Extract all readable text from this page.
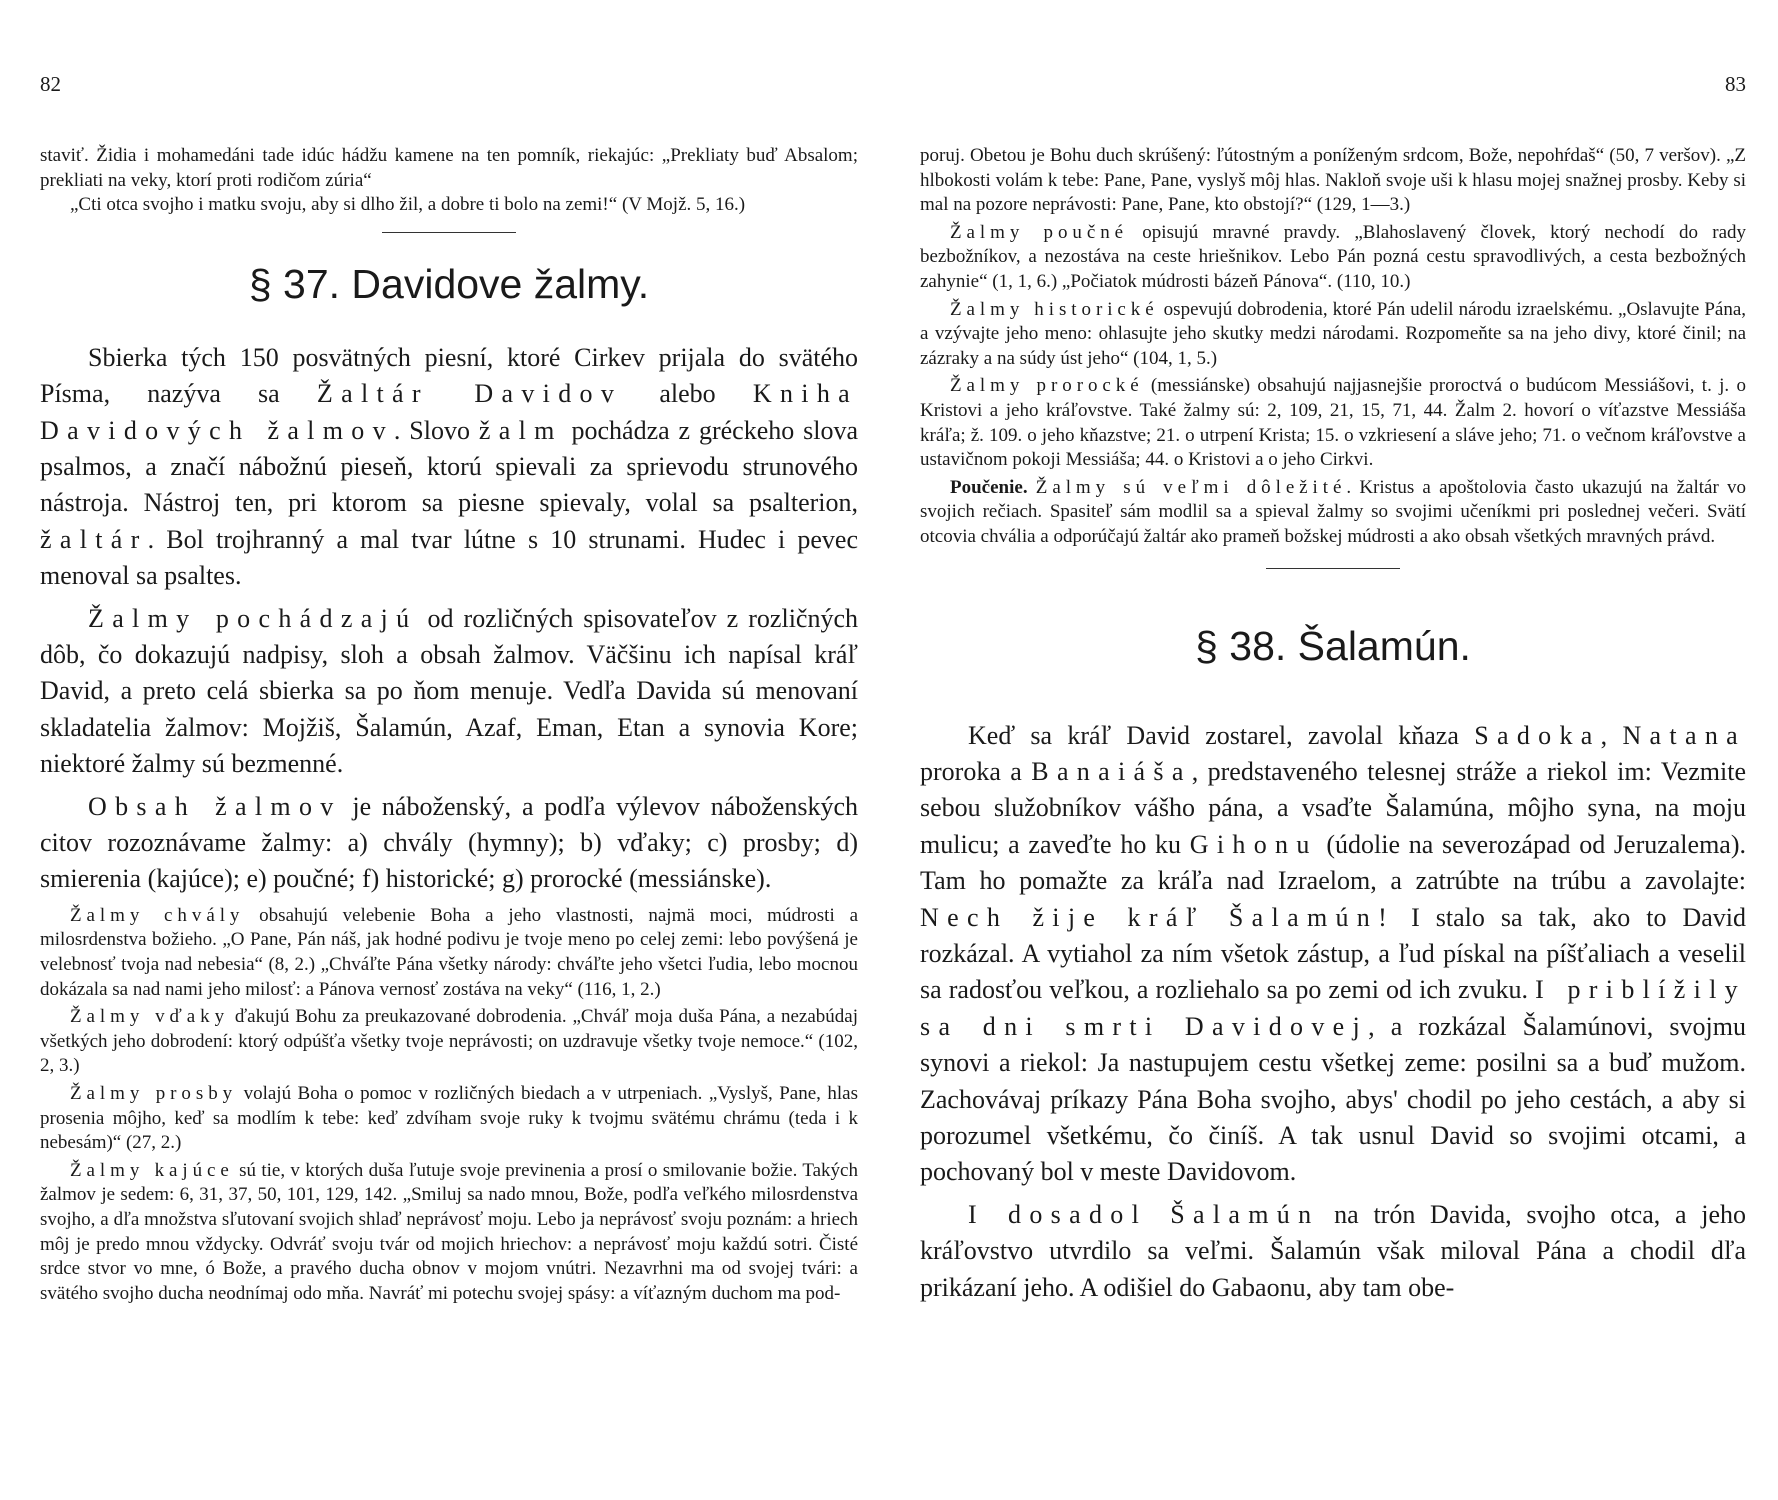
82

staviť. Židia i mohamedáni tade idúc hádžu kamene na ten pomník, riekajúc: „Prekliaty buď Absalom; prekliati na veky, ktorí proti rodičom zúria“

„Cti otca svojho i matku svoju, aby si dlho žil, a dobre ti bolo na zemi!“ (V Mojž. 5, 16.)

§ 37. Davidove žalmy.

Sbierka tých 150 posvätných piesní, ktoré Cirkev prijala do svätého Písma, nazýva sa Žaltár Davidov alebo Kniha Davidových žalmov. Slovo žalm pochádza z gréckeho slova psalmos, a značí nábožnú pieseň, ktorú spievali za sprievodu strunového nástroja. Nástroj ten, pri ktorom sa piesne spievaly, volal sa psalterion, žaltár. Bol trojhranný a mal tvar lútne s 10 strunami. Hudec i pevec menoval sa psaltes.

Žalmy pochádzajú od rozličných spisovateľov z rozličných dôb, čo dokazujú nadpisy, sloh a obsah žalmov. Väčšinu ich napísal kráľ David, a preto celá sbierka sa po ňom menuje. Vedľa Davida sú menovaní skladatelia žalmov: Mojžiš, Šalamún, Azaf, Eman, Etan a synovia Kore; niektoré žalmy sú bezmenné.

Obsah žalmov je náboženský, a podľa výlevov náboženských citov rozoznávame žalmy: a) chvály (hymny); b) vďaky; c) prosby; d) smierenia (kajúce); e) poučné; f) historické; g) prorocké (messiánske).

Žalmy chvály obsahujú velebenie Boha a jeho vlastnosti, najmä moci, múdrosti a milosrdenstva božieho. „O Pane, Pán náš, jak hodné podivu je tvoje meno po celej zemi: lebo povýšená je velebnosť tvoja nad nebesia“ (8, 2.) „Chváľte Pána všetky národy: chváľte jeho všetci ľudia, lebo mocnou dokázala sa nad nami jeho milosť: a Pánova vernosť zostáva na veky“ (116, 1, 2.)

Žalmy vďaky ďakujú Bohu za preukazované dobrodenia. „Chváľ moja duša Pána, a nezabúdaj všetkých jeho dobrodení: ktorý odpúšťa všetky tvoje neprávosti; on uzdravuje všetky tvoje nemoce.“ (102, 2, 3.)

Žalmy prosby volajú Boha o pomoc v rozličných biedach a v utrpeniach. „Vyslyš, Pane, hlas prosenia môjho, keď sa modlím k tebe: keď zdvíham svoje ruky k tvojmu svätému chrámu (teda i k nebesám)“ (27, 2.)

Žalmy kajúce sú tie, v ktorých duša ľutuje svoje previnenia a prosí o smilovanie božie. Takých žalmov je sedem: 6, 31, 37, 50, 101, 129, 142. „Smiluj sa nado mnou, Bože, podľa veľkého milosrdenstva svojho, a dľa množstva sľutovaní svojich shlaď neprávosť moju. Lebo ja neprávosť svoju poznám: a hriech môj je predo mnou vždycky. Odvráť svoju tvár od mojich hriechov: a neprávosť moju každú sotri. Čisté srdce stvor vo mne, ó Bože, a pravého ducha obnov v mojom vnútri. Nezavrhni ma od svojej tvári: a svätého svojho ducha neodnímaj odo mňa. Navráť mi potechu svojej spásy: a víťazným duchom ma pod-

83

poruj. Obetou je Bohu duch skrúšený: ľútostným a poníženým srdcom, Bože, nepohŕdaš“ (50, 7 veršov). „Z hlbokosti volám k tebe: Pane, Pane, vyslyš môj hlas. Nakloň svoje uši k hlasu mojej snažnej prosby. Keby si mal na pozore neprávosti: Pane, Pane, kto obstojí?“ (129, 1—3.)

Žalmy poučné opisujú mravné pravdy. „Blahoslavený človek, ktorý nechodí do rady bezbožníkov, a nezostáva na ceste hriešnikov. Lebo Pán pozná cestu spravodlivých, a cesta bezbožných zahynie“ (1, 1, 6.) „Počiatok múdrosti bázeň Pánova“. (110, 10.)

Žalmy historické ospevujú dobrodenia, ktoré Pán udelil národu izraelskému. „Oslavujte Pána, a vzývajte jeho meno: ohlasujte jeho skutky medzi národami. Rozpomeňte sa na jeho divy, ktoré činil; na zázraky a na súdy úst jeho“ (104, 1, 5.)

Žalmy prorocké (messiánske) obsahujú najjasnejšie proroctvá o budúcom Messiášovi, t. j. o Kristovi a jeho kráľovstve. Také žalmy sú: 2, 109, 21, 15, 71, 44. Žalm 2. hovorí o víťazstve Messiáša kráľa; ž. 109. o jeho kňazstve; 21. o utrpení Krista; 15. o vzkriesení a sláve jeho; 71. o večnom kráľovstve a ustavičnom pokoji Messiáša; 44. o Kristovi a o jeho Cirkvi.

Poučenie. Žalmy sú veľmi dôležité. Kristus a apoštolovia často ukazujú na žaltár vo svojich rečiach. Spasiteľ sám modlil sa a spieval žalmy so svojimi učeníkmi pri poslednej večeri. Svätí otcovia chvália a odporúčajú žaltár ako prameň božskej múdrosti a ako obsah všetkých mravných právd.

§ 38. Šalamún.

Keď sa kráľ David zostarel, zavolal kňaza Sadoka, Natana proroka a Banaiáša, predstaveného telesnej stráže a riekol im: Vezmite sebou služobníkov vášho pána, a vsaďte Šalamúna, môjho syna, na moju mulicu; a zaveďte ho ku Gihonu (údolie na severozápad od Jeruzalema). Tam ho pomažte za kráľa nad Izraelom, a zatrúbte na trúbu a zavolajte: Nech žije kráľ Šalamún! I stalo sa tak, ako to David rozkázal. A vytiahol za ním všetok zástup, a ľud pískal na píšťaliach a veselil sa radosťou veľkou, a rozliehalo sa po zemi od ich zvuku. I priblížily sa dni smrti Davidovej, a rozkázal Šalamúnovi, svojmu synovi a riekol: Ja nastupujem cestu všetkej zeme: posilni sa a buď mužom. Zachovávaj príkazy Pána Boha svojho, abys' chodil po jeho cestách, a aby si porozumel všetkému, čo činíš. A tak usnul David so svojimi otcami, a pochovaný bol v meste Davidovom.

I dosadol Šalamún na trón Davida, svojho otca, a jeho kráľovstvo utvrdilo sa veľmi. Šalamún však miloval Pána a chodil dľa prikázaní jeho. A odišiel do Gabaonu, aby tam obe-
